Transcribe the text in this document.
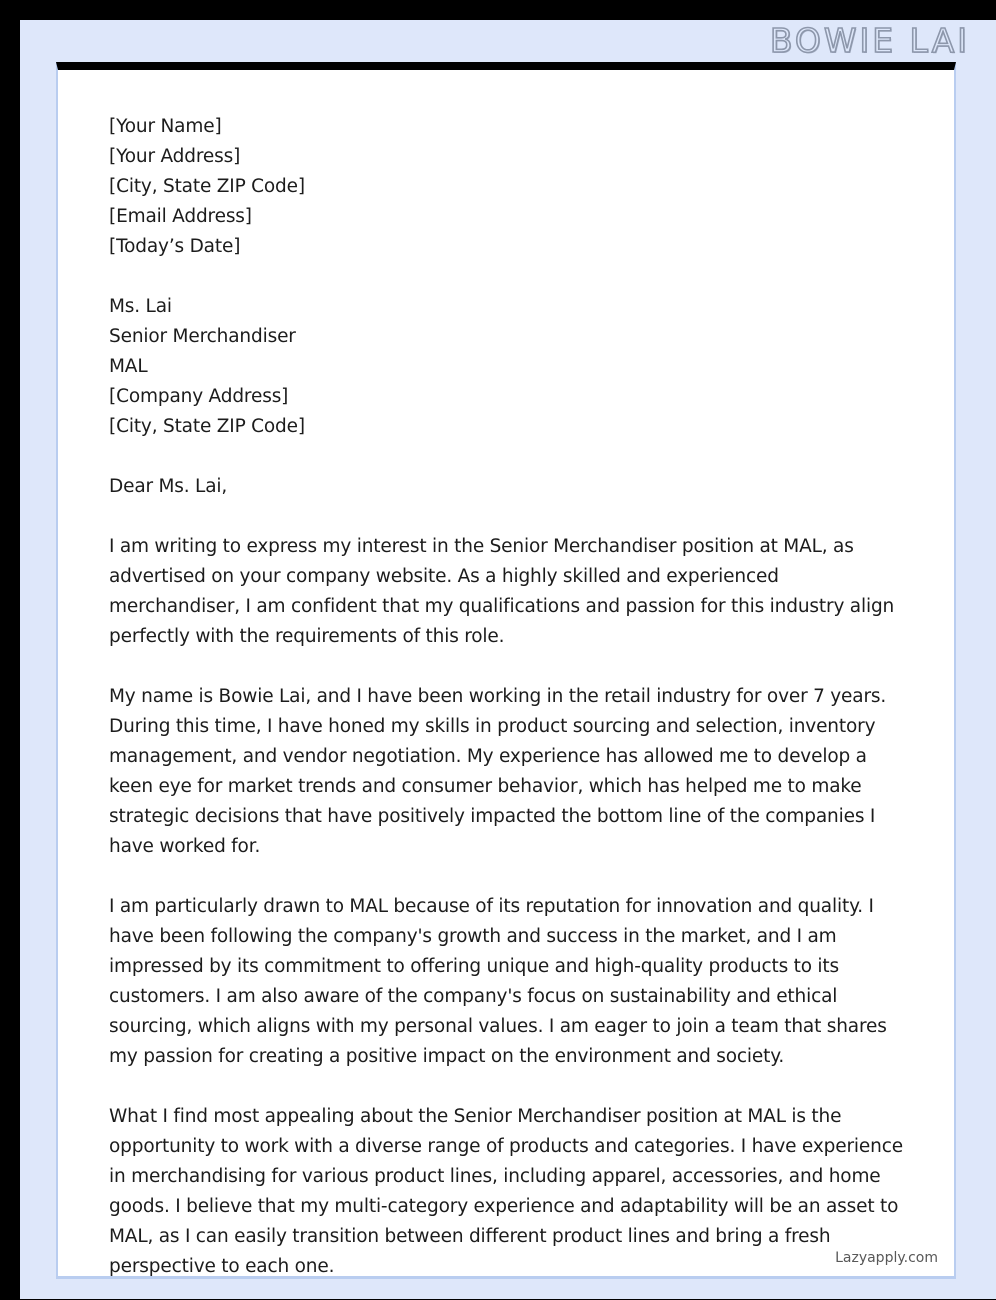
BOWIE LAI

[Your Name]

[Your Address]

[City, State ZIP Code]

[Email Address]

[Today’s Date]

Ms. Lai

Senior Merchandiser

MAL

[Company Address]

[City, State ZIP Code]

Dear Ms. Lai,

I am writing to express my interest in the Senior Merchandiser position at MAL, as advertised on your company website. As a highly skilled and experienced merchandiser, I am confident that my qualifications and passion for this industry align perfectly with the requirements of this role.

My name is Bowie Lai, and I have been working in the retail industry for over 7 years. During this time, I have honed my skills in product sourcing and selection, inventory management, and vendor negotiation. My experience has allowed me to develop a keen eye for market trends and consumer behavior, which has helped me to make strategic decisions that have positively impacted the bottom line of the companies I have worked for.

I am particularly drawn to MAL because of its reputation for innovation and quality. I have been following the company's growth and success in the market, and I am impressed by its commitment to offering unique and high-quality products to its customers. I am also aware of the company's focus on sustainability and ethical sourcing, which aligns with my personal values. I am eager to join a team that shares my passion for creating a positive impact on the environment and society.

What I find most appealing about the Senior Merchandiser position at MAL is the opportunity to work with a diverse range of products and categories. I have experience in merchandising for various product lines, including apparel, accessories, and home goods. I believe that my multi-category experience and adaptability will be an asset to MAL, as I can easily transition between different product lines and bring a fresh perspective to each one.	Lazyapply.com
